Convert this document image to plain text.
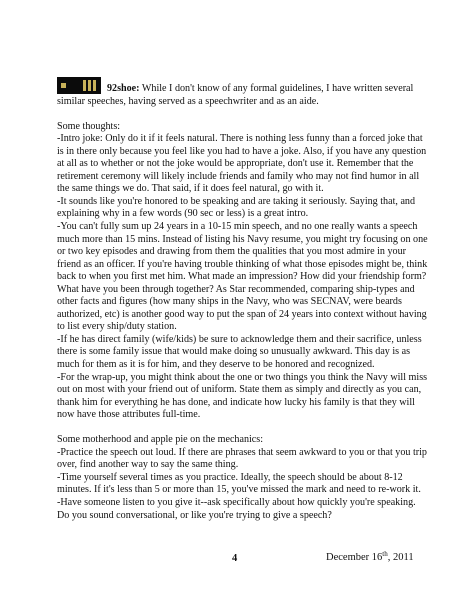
92shoe: While I don't know of any formal guidelines, I have written several similar speeches, having served as a speechwriter and as an aide.

Some thoughts:

-Intro joke: Only do it if it feels natural. There is nothing less funny than a forced joke that is in there only because you feel like you had to have a joke. Also, if you have any question at all as to whether or not the joke would be appropriate, don't use it. Remember that the retirement ceremony will likely include friends and family who may not find humor in all the same things we do. That said, if it does feel natural, go with it.

-It sounds like you're honored to be speaking and are taking it seriously. Saying that, and explaining why in a few words (90 sec or less) is a great intro.

-You can't fully sum up 24 years in a 10-15 min speech, and no one really wants a speech much more than 15 mins. Instead of listing his Navy resume, you might try focusing on one or two key episodes and drawing from them the qualities that you most admire in your friend as an officer. If you're having trouble thinking of what those episodes might be, think back to when you first met him. What made an impression? How did your friendship form? What have you been through together? As Star recommended, comparing ship-types and other facts and figures (how many ships in the Navy, who was SECNAV, were beards authorized, etc) is another good way to put the span of 24 years into context without having to list every ship/duty station.

-If he has direct family (wife/kids) be sure to acknowledge them and their sacrifice, unless there is some family issue that would make doing so unusually awkward. This day is as much for them as it is for him, and they deserve to be honored and recognized.

-For the wrap-up, you might think about the one or two things you think the Navy will miss out on most with your friend out of uniform. State them as simply and directly as you can, thank him for everything he has done, and indicate how lucky his family is that they will now have those attributes full-time.

Some motherhood and apple pie on the mechanics:

-Practice the speech out loud. If there are phrases that seem awkward to you or that you trip over, find another way to say the same thing.

-Time yourself several times as you practice. Ideally, the speech should be about 8-12 minutes. If it's less than 5 or more than 15, you've missed the mark and need to re-work it.

-Have someone listen to you give it--ask specifically about how quickly you're speaking. Do you sound conversational, or like you're trying to give a speech?

4	December 16th, 2011
